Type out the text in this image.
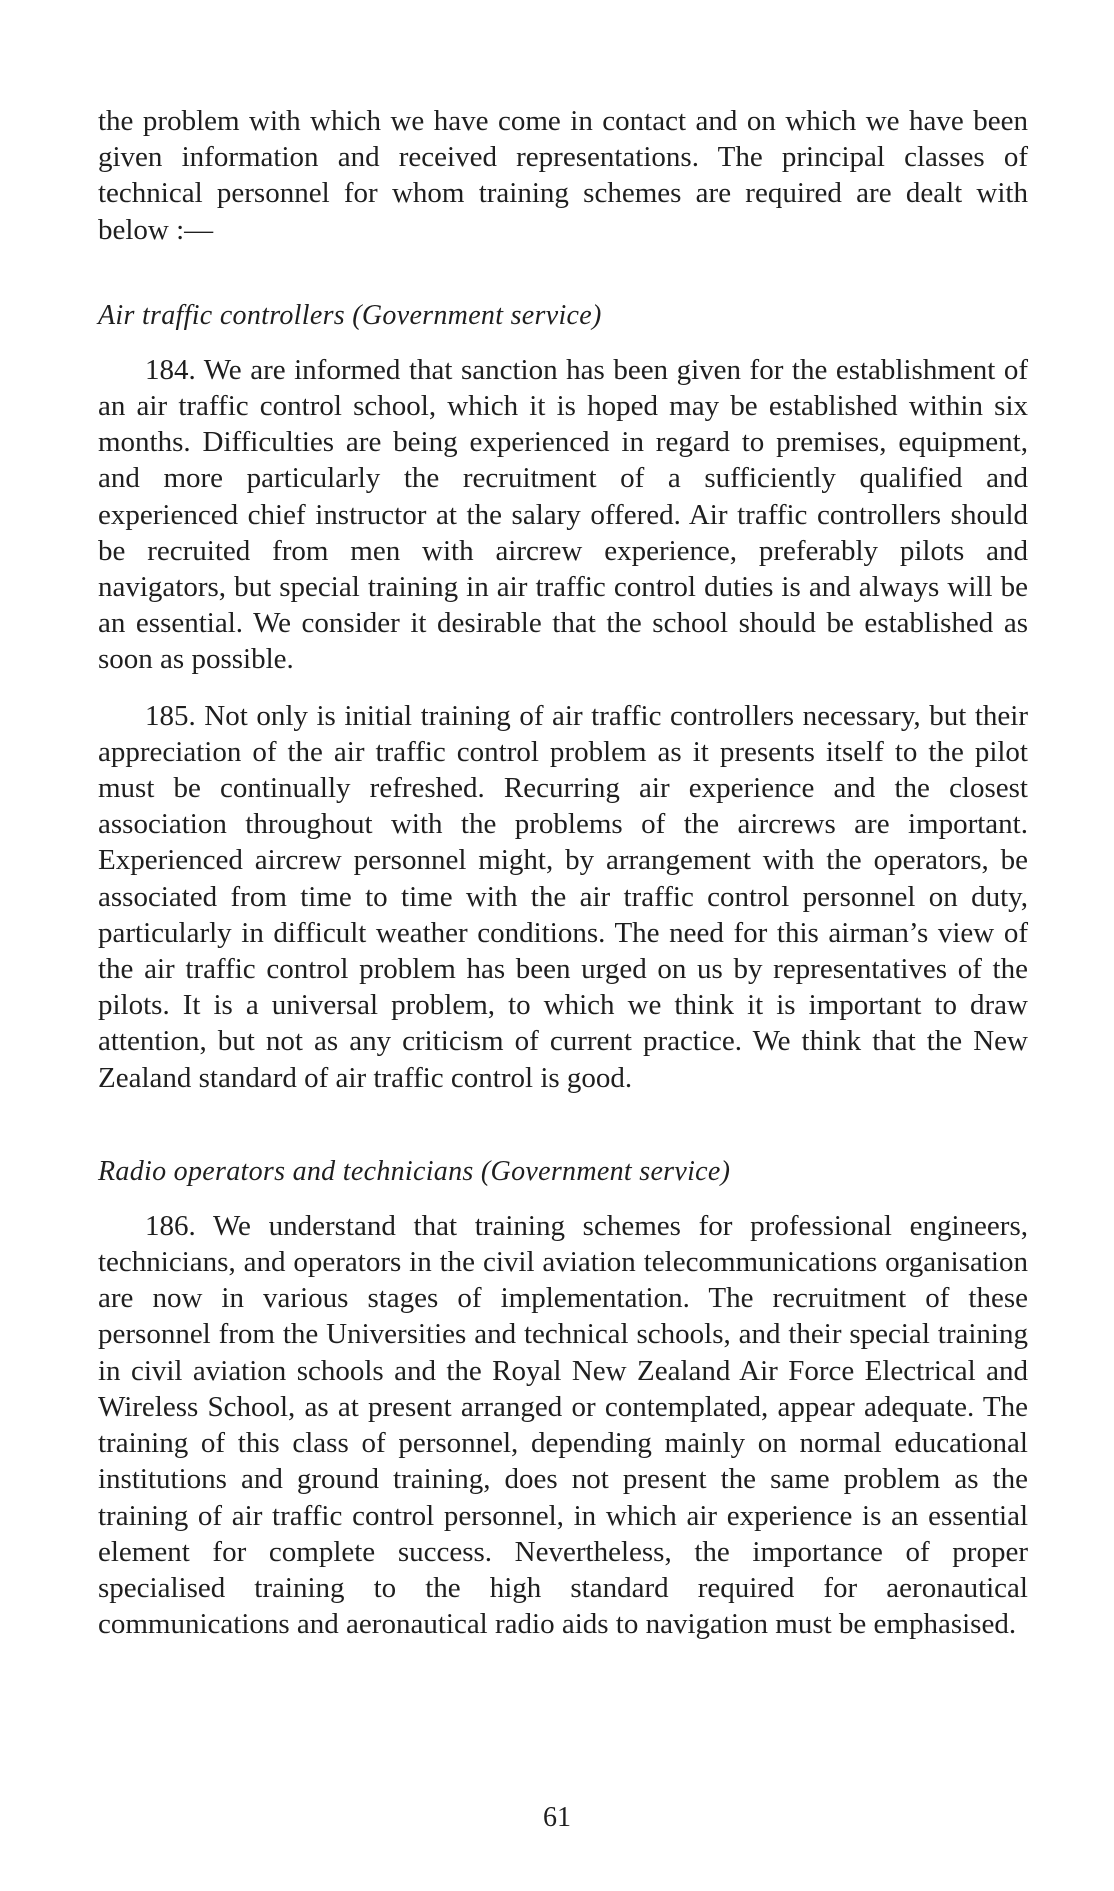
the problem with which we have come in contact and on which we have been given information and received representations. The principal classes of technical personnel for whom training schemes are required are dealt with below :—

Air traffic controllers (Government service)

184. We are informed that sanction has been given for the establishment of an air traffic control school, which it is hoped may be established within six months. Difficulties are being experienced in regard to premises, equipment, and more particularly the recruitment of a sufficiently qualified and experienced chief instructor at the salary offered. Air traffic controllers should be recruited from men with aircrew experience, preferably pilots and navigators, but special training in air traffic control duties is and always will be an essential. We consider it desirable that the school should be established as soon as possible.

185. Not only is initial training of air traffic controllers necessary, but their appreciation of the air traffic control problem as it presents itself to the pilot must be continually refreshed. Recurring air experience and the closest association throughout with the problems of the aircrews are important. Experienced aircrew personnel might, by arrangement with the operators, be associated from time to time with the air traffic control personnel on duty, particularly in difficult weather conditions. The need for this airman’s view of the air traffic control problem has been urged on us by representatives of the pilots. It is a universal problem, to which we think it is important to draw attention, but not as any criticism of current practice. We think that the New Zealand standard of air traffic control is good.

Radio operators and technicians (Government service)

186. We understand that training schemes for professional engineers, technicians, and operators in the civil aviation telecommunications organisation are now in various stages of implementation. The recruitment of these personnel from the Universities and technical schools, and their special training in civil aviation schools and the Royal New Zealand Air Force Electrical and Wireless School, as at present arranged or contemplated, appear adequate. The training of this class of personnel, depending mainly on normal educational institutions and ground training, does not present the same problem as the training of air traffic control personnel, in which air experience is an essential element for complete success. Nevertheless, the importance of proper specialised training to the high standard required for aeronautical communications and aeronautical radio aids to navigation must be emphasised.

61
